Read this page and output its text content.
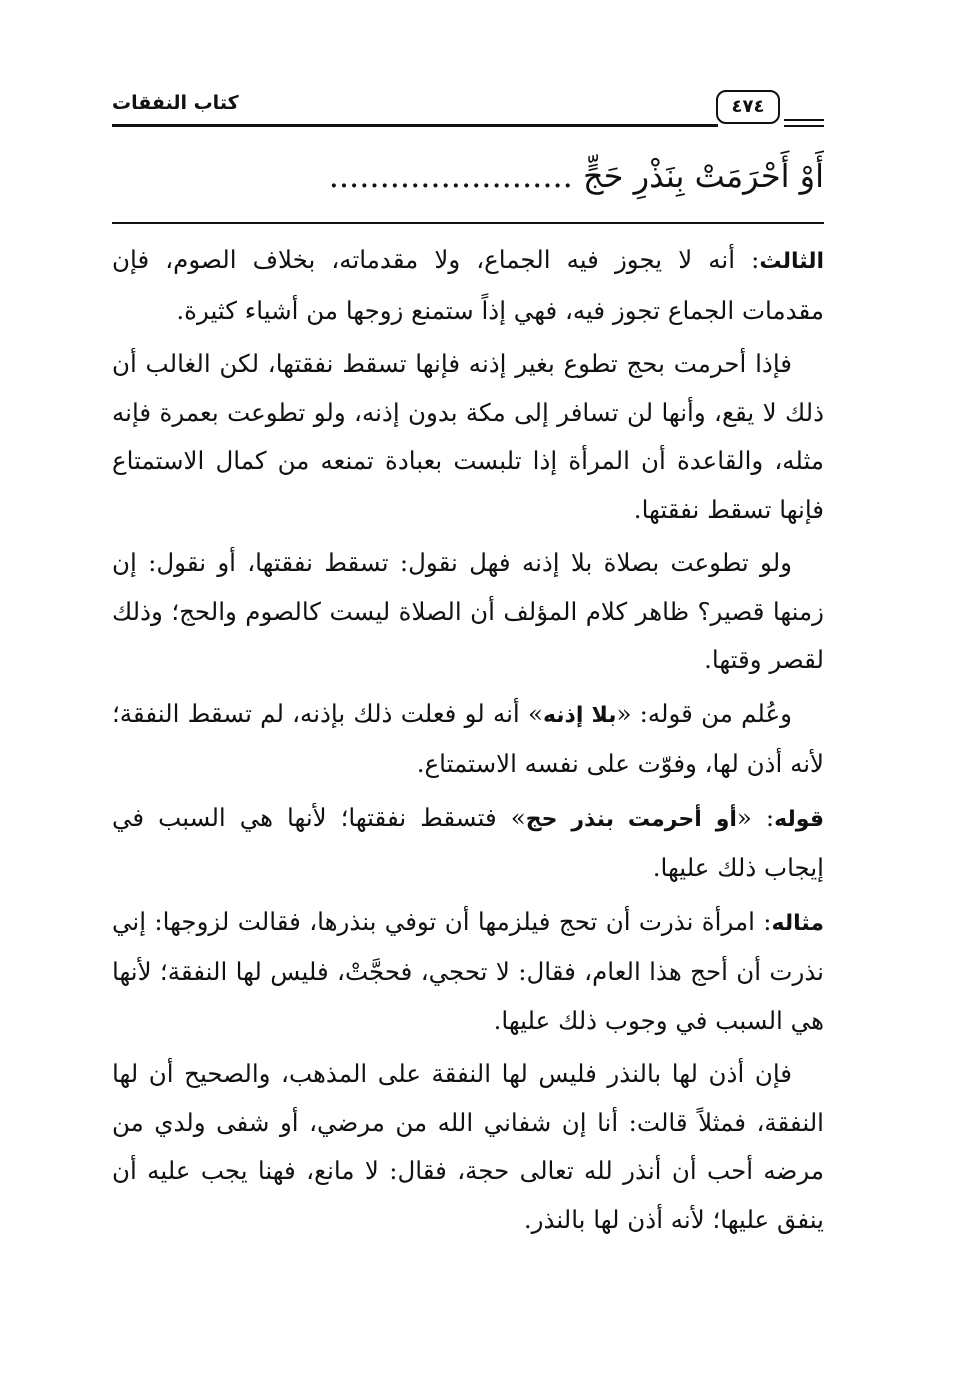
كتاب النفقات	٤٧٤
أَوْ أَحْرَمَتْ بِنَذْرِ حَجٍّ ........................

الثالث: أنه لا يجوز فيه الجماع، ولا مقدماته، بخلاف الصوم، فإن مقدمات الجماع تجوز فيه، فهي إذاً ستمنع زوجها من أشياء كثيرة.

فإذا أحرمت بحج تطوع بغير إذنه فإنها تسقط نفقتها، لكن الغالب أن ذلك لا يقع، وأنها لن تسافر إلى مكة بدون إذنه، ولو تطوعت بعمرة فإنه مثله، والقاعدة أن المرأة إذا تلبست بعبادة تمنعه من كمال الاستمتاع فإنها تسقط نفقتها.

ولو تطوعت بصلاة بلا إذنه فهل نقول: تسقط نفقتها، أو نقول: إن زمنها قصير؟ ظاهر كلام المؤلف أن الصلاة ليست كالصوم والحج؛ وذلك لقصر وقتها.

وعُلم من قوله: «بلا إذنه» أنه لو فعلت ذلك بإذنه، لم تسقط النفقة؛ لأنه أذن لها، وفوّت على نفسه الاستمتاع.

قوله: «أو أحرمت بنذر حج» فتسقط نفقتها؛ لأنها هي السبب في إيجاب ذلك عليها.

مثاله: امرأة نذرت أن تحج فيلزمها أن توفي بنذرها، فقالت لزوجها: إني نذرت أن أحج هذا العام، فقال: لا تحجي، فحجَّتْ، فليس لها النفقة؛ لأنها هي السبب في وجوب ذلك عليها.

فإن أذن لها بالنذر فليس لها النفقة على المذهب، والصحيح أن لها النفقة، فمثلاً قالت: أنا إن شفاني الله من مرضي، أو شفى ولدي من مرضه أحب أن أنذر لله تعالى حجة، فقال: لا مانع، فهنا يجب عليه أن ينفق عليها؛ لأنه أذن لها بالنذر.
